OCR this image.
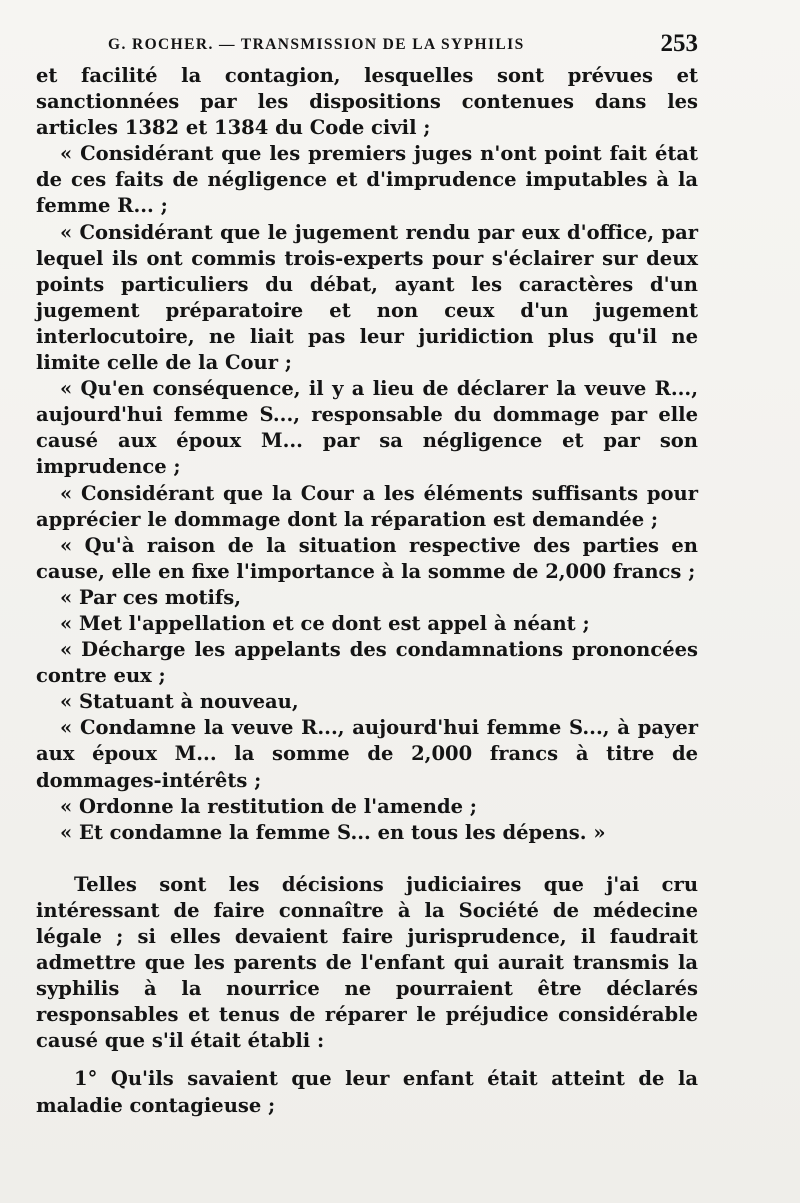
G. ROCHER. — TRANSMISSION DE LA SYPHILIS	253

et facilité la contagion, lesquelles sont prévues et sanctionnées par les dispositions contenues dans les articles 1382 et 1384 du Code civil ;

« Considérant que les premiers juges n'ont point fait état de ces faits de négligence et d'imprudence imputables à la femme R... ;

« Considérant que le jugement rendu par eux d'office, par lequel ils ont commis trois-experts pour s'éclairer sur deux points particuliers du débat, ayant les caractères d'un jugement préparatoire et non ceux d'un jugement interlocutoire, ne liait pas leur juridiction plus qu'il ne limite celle de la Cour ;

« Qu'en conséquence, il y a lieu de déclarer la veuve R..., aujourd'hui femme S..., responsable du dommage par elle causé aux époux M... par sa négligence et par son imprudence ;

« Considérant que la Cour a les éléments suffisants pour apprécier le dommage dont la réparation est demandée ;

« Qu'à raison de la situation respective des parties en cause, elle en fixe l'importance à la somme de 2,000 francs ;

« Par ces motifs,

« Met l'appellation et ce dont est appel à néant ;

« Décharge les appelants des condamnations prononcées contre eux ;

« Statuant à nouveau,

« Condamne la veuve R..., aujourd'hui femme S..., à payer aux époux M... la somme de 2,000 francs à titre de dommages-intérêts ;

« Ordonne la restitution de l'amende ;

« Et condamne la femme S... en tous les dépens. »

Telles sont les décisions judiciaires que j'ai cru intéressant de faire connaître à la Société de médecine légale ; si elles devaient faire jurisprudence, il faudrait admettre que les parents de l'enfant qui aurait transmis la syphilis à la nourrice ne pourraient être déclarés responsables et tenus de réparer le préjudice considérable causé que s'il était établi :

1° Qu'ils savaient que leur enfant était atteint de la maladie contagieuse ;
